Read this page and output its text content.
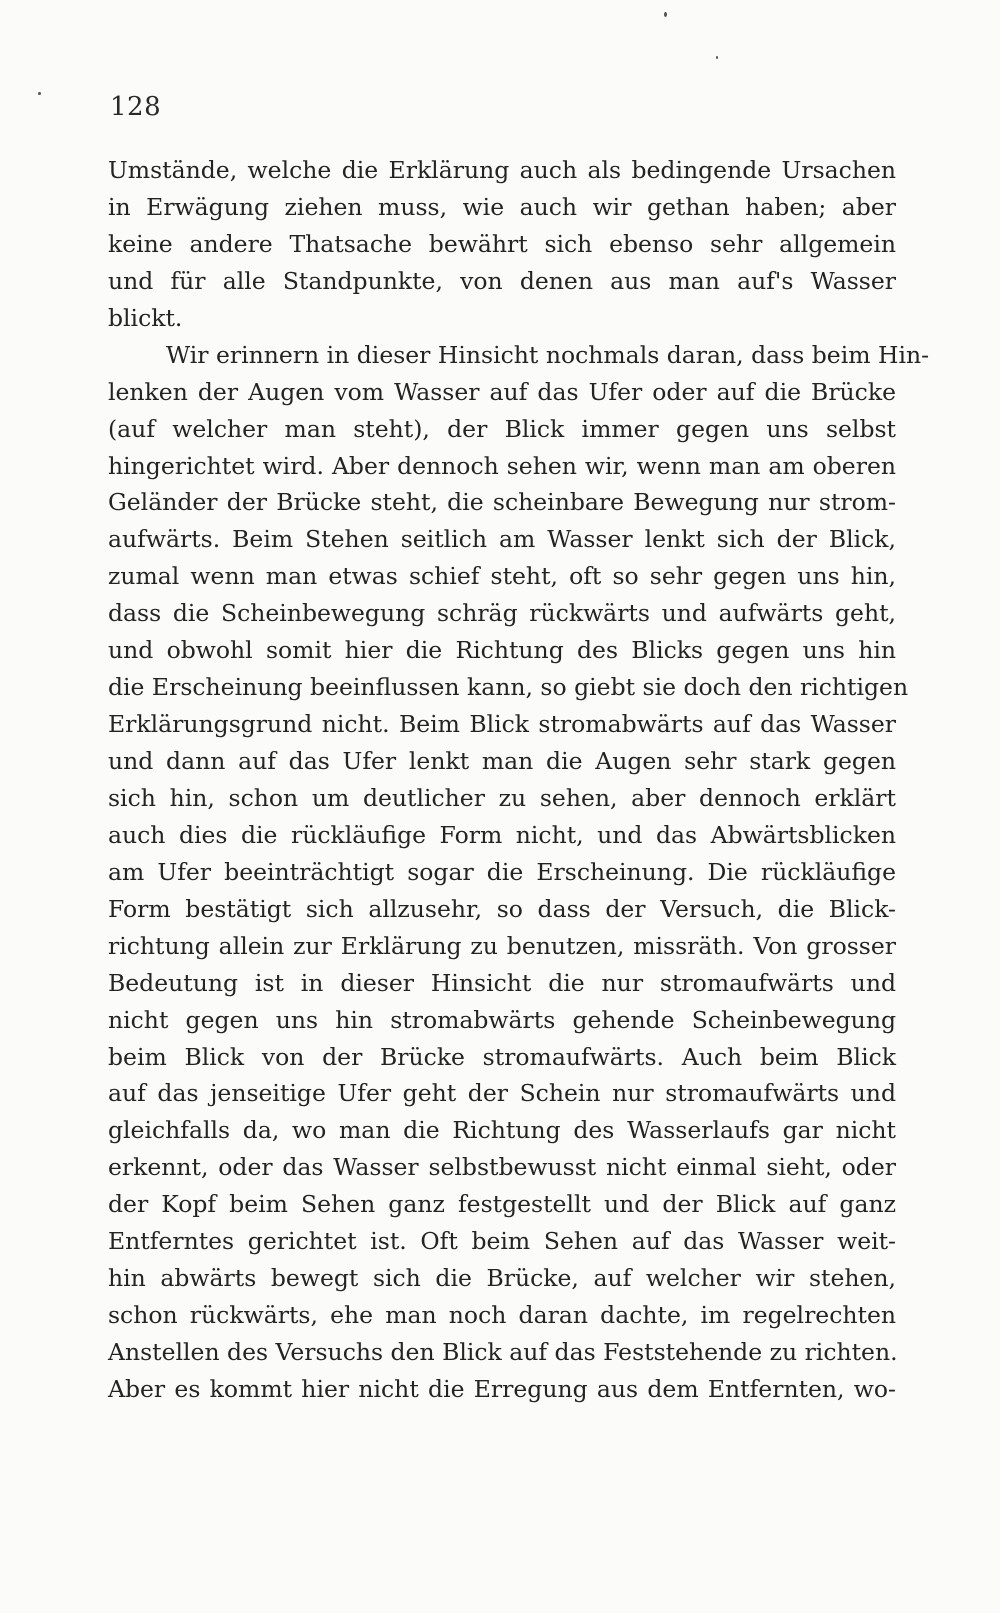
128
Umstände, welche die Erklärung auch als bedingende Ursachen
in Erwägung ziehen muss, wie auch wir gethan haben; aber
keine andere Thatsache bewährt sich ebenso sehr allgemein
und für alle Standpunkte, von denen aus man auf's Wasser
blickt.
Wir erinnern in dieser Hinsicht nochmals daran, dass beim Hin-
lenken der Augen vom Wasser auf das Ufer oder auf die Brücke
(auf welcher man steht), der Blick immer gegen uns selbst
hingerichtet wird. Aber dennoch sehen wir, wenn man am oberen
Geländer der Brücke steht, die scheinbare Bewegung nur strom-
aufwärts. Beim Stehen seitlich am Wasser lenkt sich der Blick,
zumal wenn man etwas schief steht, oft so sehr gegen uns hin,
dass die Scheinbewegung schräg rückwärts und aufwärts geht,
und obwohl somit hier die Richtung des Blicks gegen uns hin
die Erscheinung beeinflussen kann, so giebt sie doch den richtigen
Erklärungsgrund nicht. Beim Blick stromabwärts auf das Wasser
und dann auf das Ufer lenkt man die Augen sehr stark gegen
sich hin, schon um deutlicher zu sehen, aber dennoch erklärt
auch dies die rückläufige Form nicht, und das Abwärtsblicken
am Ufer beeinträchtigt sogar die Erscheinung. Die rückläufige
Form bestätigt sich allzusehr, so dass der Versuch, die Blick-
richtung allein zur Erklärung zu benutzen, missräth. Von grosser
Bedeutung ist in dieser Hinsicht die nur stromaufwärts und
nicht gegen uns hin stromabwärts gehende Scheinbewegung
beim Blick von der Brücke stromaufwärts. Auch beim Blick
auf das jenseitige Ufer geht der Schein nur stromaufwärts und
gleichfalls da, wo man die Richtung des Wasserlaufs gar nicht
erkennt, oder das Wasser selbstbewusst nicht einmal sieht, oder
der Kopf beim Sehen ganz festgestellt und der Blick auf ganz
Entferntes gerichtet ist. Oft beim Sehen auf das Wasser weit-
hin abwärts bewegt sich die Brücke, auf welcher wir stehen,
schon rückwärts, ehe man noch daran dachte, im regelrechten
Anstellen des Versuchs den Blick auf das Feststehende zu richten.
Aber es kommt hier nicht die Erregung aus dem Entfernten, wo-
